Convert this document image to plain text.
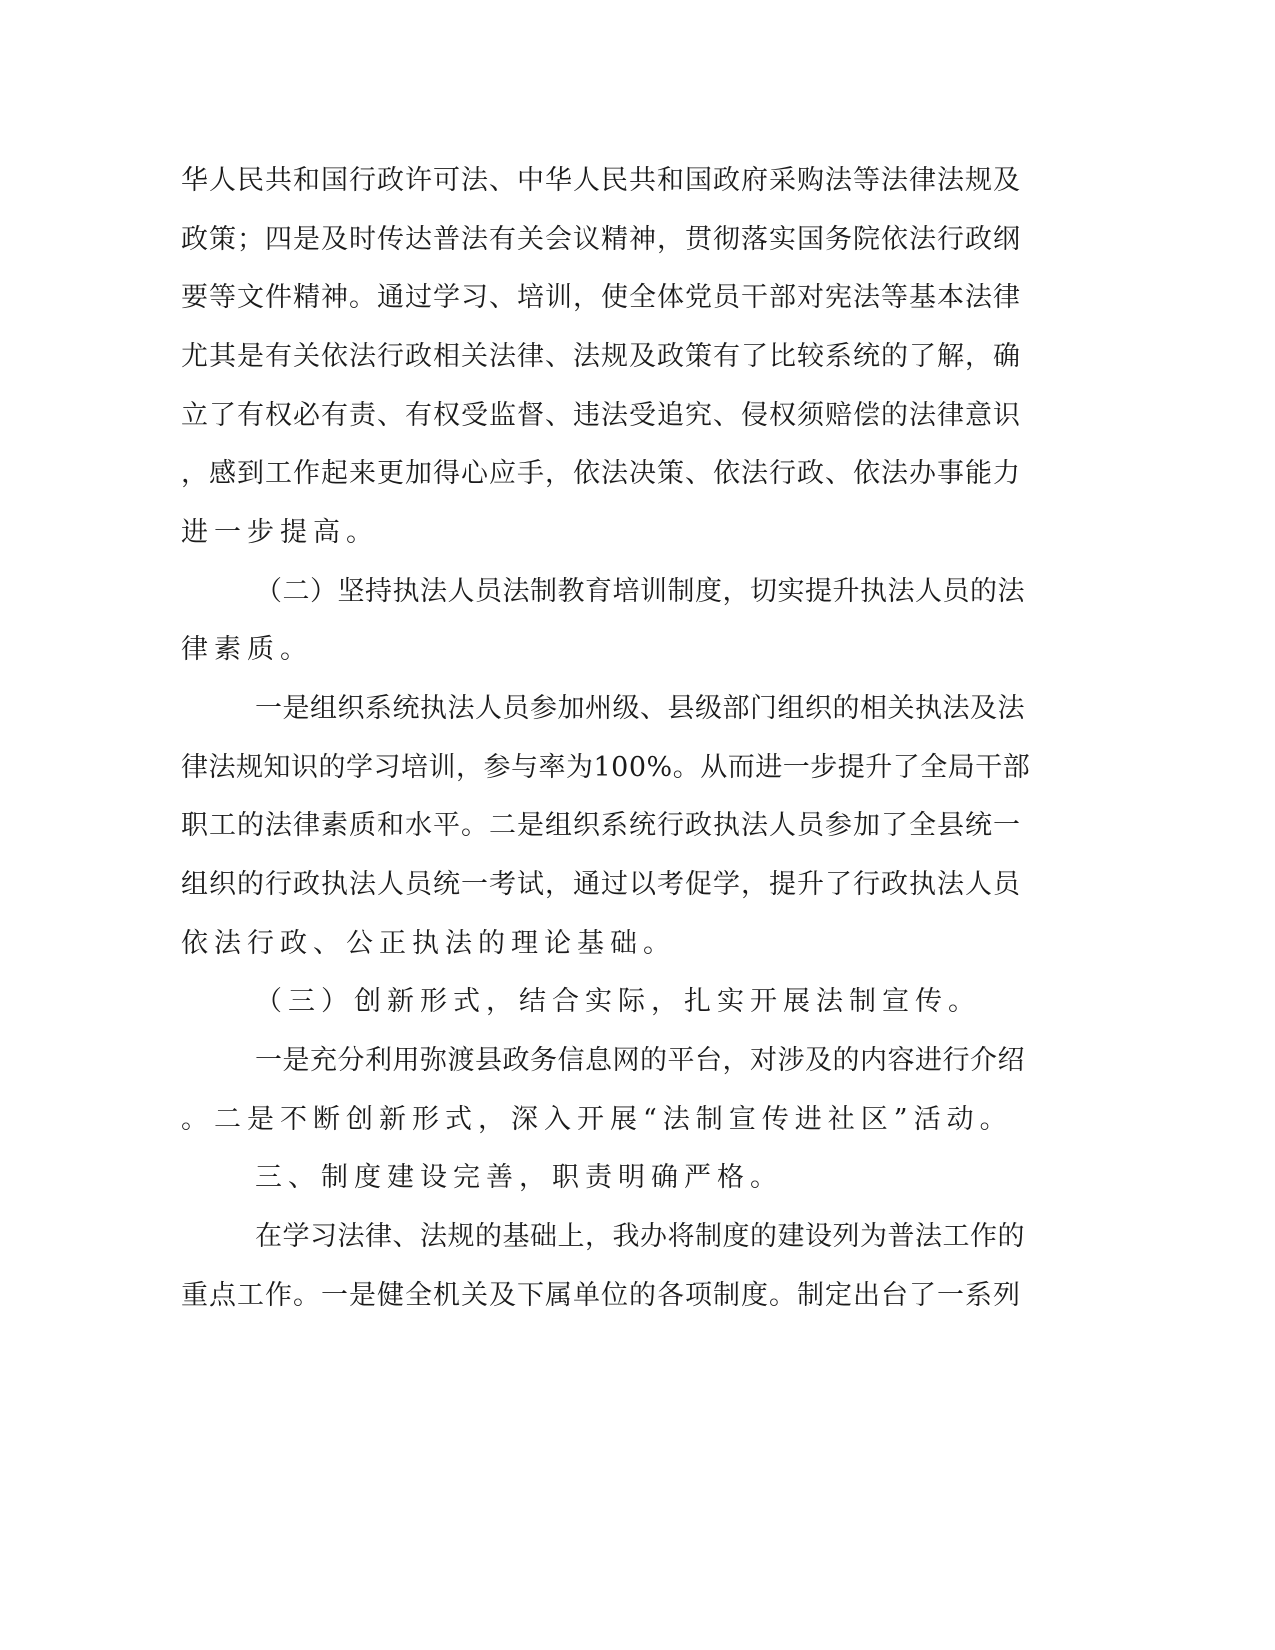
华人民共和国行政许可法、中华人民共和国政府采购法等法律法规及
政策；四是及时传达普法有关会议精神，贯彻落实国务院依法行政纲
要等文件精神。通过学习、培训，使全体党员干部对宪法等基本法律
尤其是有关依法行政相关法律、法规及政策有了比较系统的了解，确
立了有权必有责、有权受监督、违法受追究、侵权须赔偿的法律意识
，感到工作起来更加得心应手，依法决策、依法行政、依法办事能力
进一步提高。
（二）坚持执法人员法制教育培训制度，切实提升执法人员的法
律素质。
一是组织系统执法人员参加州级、县级部门组织的相关执法及法
律法规知识的学习培训，参与率为100%。从而进一步提升了全局干部
职工的法律素质和水平。二是组织系统行政执法人员参加了全县统一
组织的行政执法人员统一考试，通过以考促学，提升了行政执法人员
依法行政、公正执法的理论基础。
（三）创新形式，结合实际，扎实开展法制宣传。
一是充分利用弥渡县政务信息网的平台，对涉及的内容进行介绍
。二是不断创新形式，深入开展“法制宣传进社区”活动。
三、制度建设完善，职责明确严格。
在学习法律、法规的基础上，我办将制度的建设列为普法工作的
重点工作。一是健全机关及下属单位的各项制度。制定出台了一系列
